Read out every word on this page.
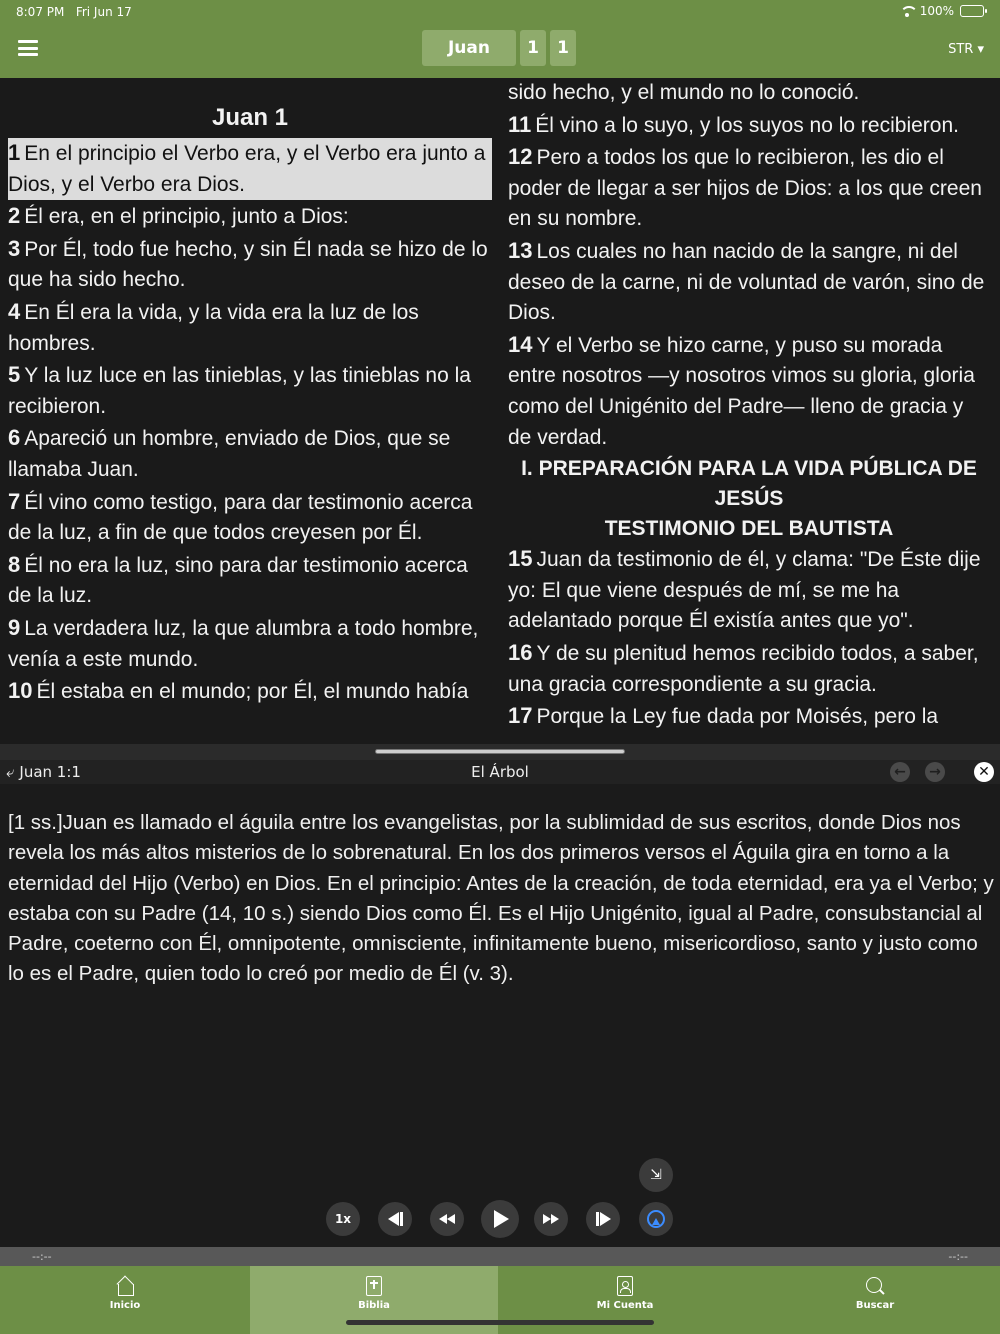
8:07 PM Fri Jun 17	100%
Juan	1	1	STR ▾
Juan 1
1 En el principio el Verbo era, y el Verbo era junto a Dios, y el Verbo era Dios.
2 Él era, en el principio, junto a Dios:
3 Por Él, todo fue hecho, y sin Él nada se hizo de lo que ha sido hecho.
4 En Él era la vida, y la vida era la luz de los hombres.
5 Y la luz luce en las tinieblas, y las tinieblas no la recibieron.
6 Apareció un hombre, enviado de Dios, que se llamaba Juan.
7 Él vino como testigo, para dar testimonio acerca de la luz, a fin de que todos creyesen por Él.
8 Él no era la luz, sino para dar testimonio acerca de la luz.
9 La verdadera luz, la que alumbra a todo hombre, venía a este mundo.
10 Él estaba en el mundo; por Él, el mundo había
sido hecho, y el mundo no lo conoció.
11 Él vino a lo suyo, y los suyos no lo recibieron.
12 Pero a todos los que lo recibieron, les dio el poder de llegar a ser hijos de Dios: a los que creen en su nombre.
13 Los cuales no han nacido de la sangre, ni del deseo de la carne, ni de voluntad de varón, sino de Dios.
14 Y el Verbo se hizo carne, y puso su morada entre nosotros —y nosotros vimos su gloria, gloria como del Unigénito del Padre— lleno de gracia y de verdad.
I. PREPARACIÓN PARA LA VIDA PÚBLICA DE JESÚS
TESTIMONIO DEL BAUTISTA
15 Juan da testimonio de él, y clama: "De Éste dije yo: El que viene después de mí, se me ha adelantado porque Él existía antes que yo".
16 Y de su plenitud hemos recibido todos, a saber, una gracia correspondiente a su gracia.
17 Porque la Ley fue dada por Moisés, pero la
El Árbol
⤶ Juan 1:1	← →	✕
[1 ss.]Juan es llamado el águila entre los evangelistas, por la sublimidad de sus escritos, donde Dios nos revela los más altos misterios de lo sobrenatural. En los dos primeros versos el Águila gira en torno a la eternidad del Hijo (Verbo) en Dios. En el principio: Antes de la creación, de toda eternidad, era ya el Verbo; y estaba con su Padre (14, 10 s.) siendo Dios como Él. Es el Hijo Unigénito, igual al Padre, consubstancial al Padre, coeterno con Él, omnipotente, omnisciente, infinitamente bueno, misericordioso, santo y justo como lo es el Padre, quien todo lo creó por medio de Él (v. 3).
⇲
1x
--:--	--:--
Inicio	Biblia	Mi Cuenta	Buscar
